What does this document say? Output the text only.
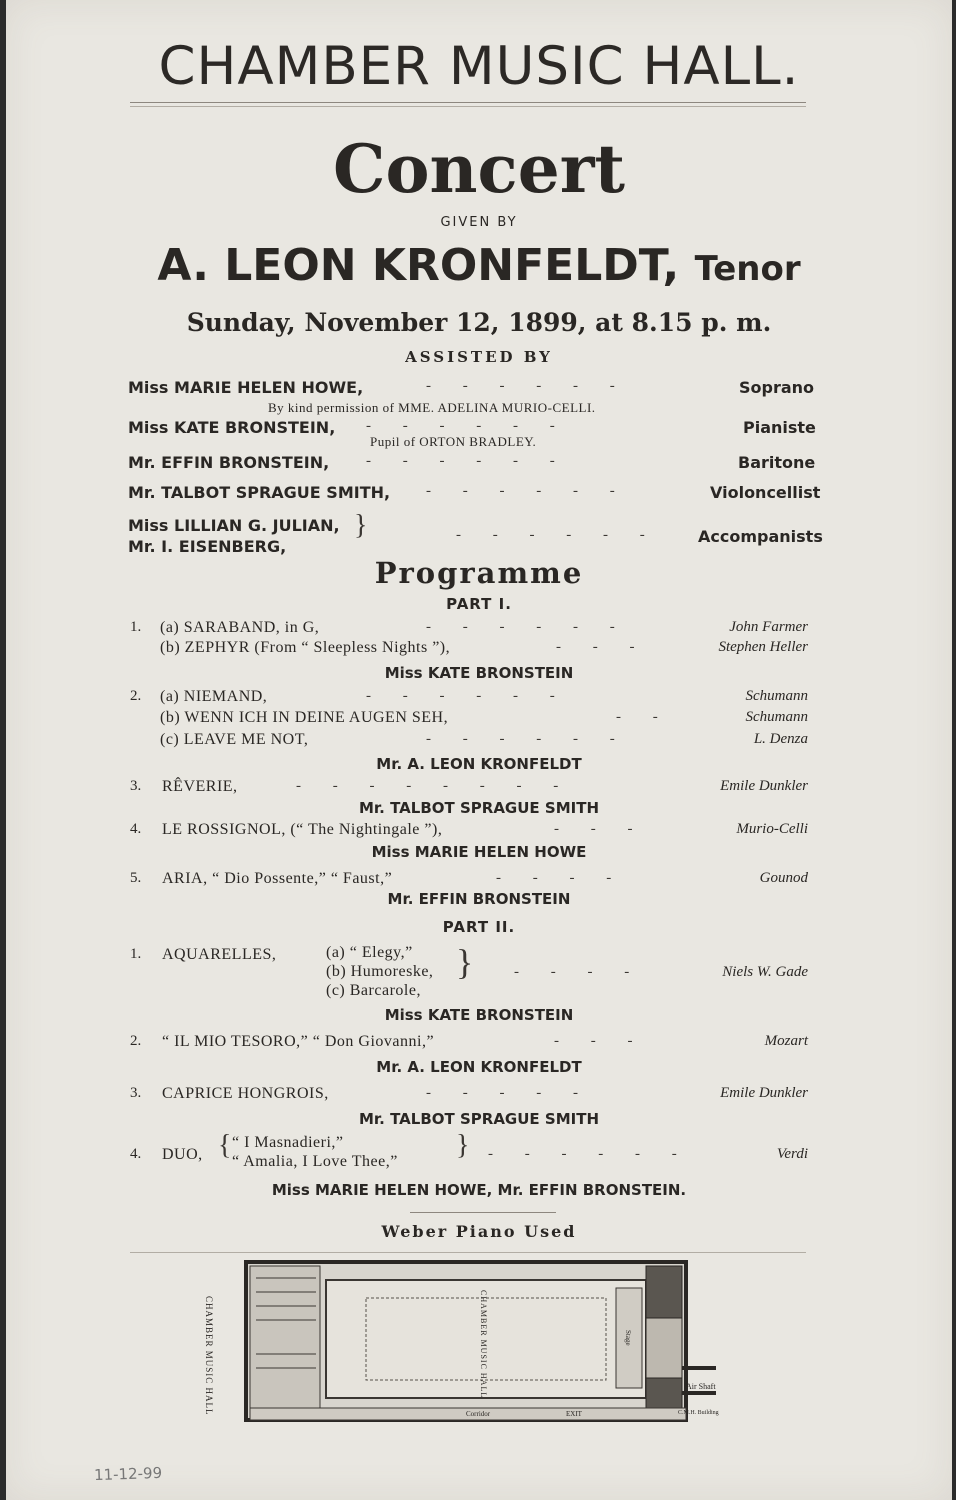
CHAMBER MUSIC HALL.
Concert
GIVEN BY
A. LEON KRONFELDT, Tenor
Sunday, November 12, 1899, at 8.15 p. m.
ASSISTED BY
Miss MARIE HELEN HOWE,	- - - - - -	Soprano
By kind permission of MME. ADELINA MURIO-CELLI.
Miss KATE BRONSTEIN, - - - - - -	Pianiste
Pupil of ORTON BRADLEY.
Mr. EFFIN BRONSTEIN, - - - - - -	Baritone
Mr. TALBOT SPRAGUE SMITH, - - - - - -	Violoncellist
Miss LILLIAN G. JULIAN,
Mr. I. EISENBERG,
}	- - - - - - Accompanists
Programme
PART I.
1. (a) SARABAND, in G,	- - - - - -	John Farmer
(b) ZEPHYR (From “ Sleepless Nights ”),	- - -	Stephen Heller
Miss KATE BRONSTEIN
2. (a) NIEMAND,	- - - - - -	Schumann
(b) WENN ICH IN DEINE AUGEN SEH,	- -	Schumann
(c) LEAVE ME NOT,	- - - - - -	L. Denza
Mr. A. LEON KRONFELDT
3. RÊVERIE,	- - - - - - - -	Emile Dunkler
Mr. TALBOT SPRAGUE SMITH
4. LE ROSSIGNOL, (“ The Nightingale ”),	- - -	Murio-Celli
Miss MARIE HELEN HOWE
5. ARIA, “ Dio Possente,” “ Faust,”	- - - -	Gounod
Mr. EFFIN BRONSTEIN
PART II.
1. AQUARELLES,	(a) “ Elegy,”
(b) Humoreske,
(c) Barcarole,
}	- - - -	Niels W. Gade
Miss KATE BRONSTEIN
2. “ IL MIO TESORO,” “ Don Giovanni,”	- - -	Mozart
Mr. A. LEON KRONFELDT
3. CAPRICE HONGROIS,	- - - - -	Emile Dunkler
Mr. TALBOT SPRAGUE SMITH
4. DUO, { “ I Masnadieri,”
“ Amalia, I Love Thee,”
} - - - - - -	Verdi
Miss MARIE HELEN HOWE, Mr. EFFIN BRONSTEIN.
Weber Piano Used
CHAMBER MUSIC HALL	CHAMBER MUSIC HALL	Stage
Air Shaft
Corridor	EXIT	C.M.H. Building
11-12-99
